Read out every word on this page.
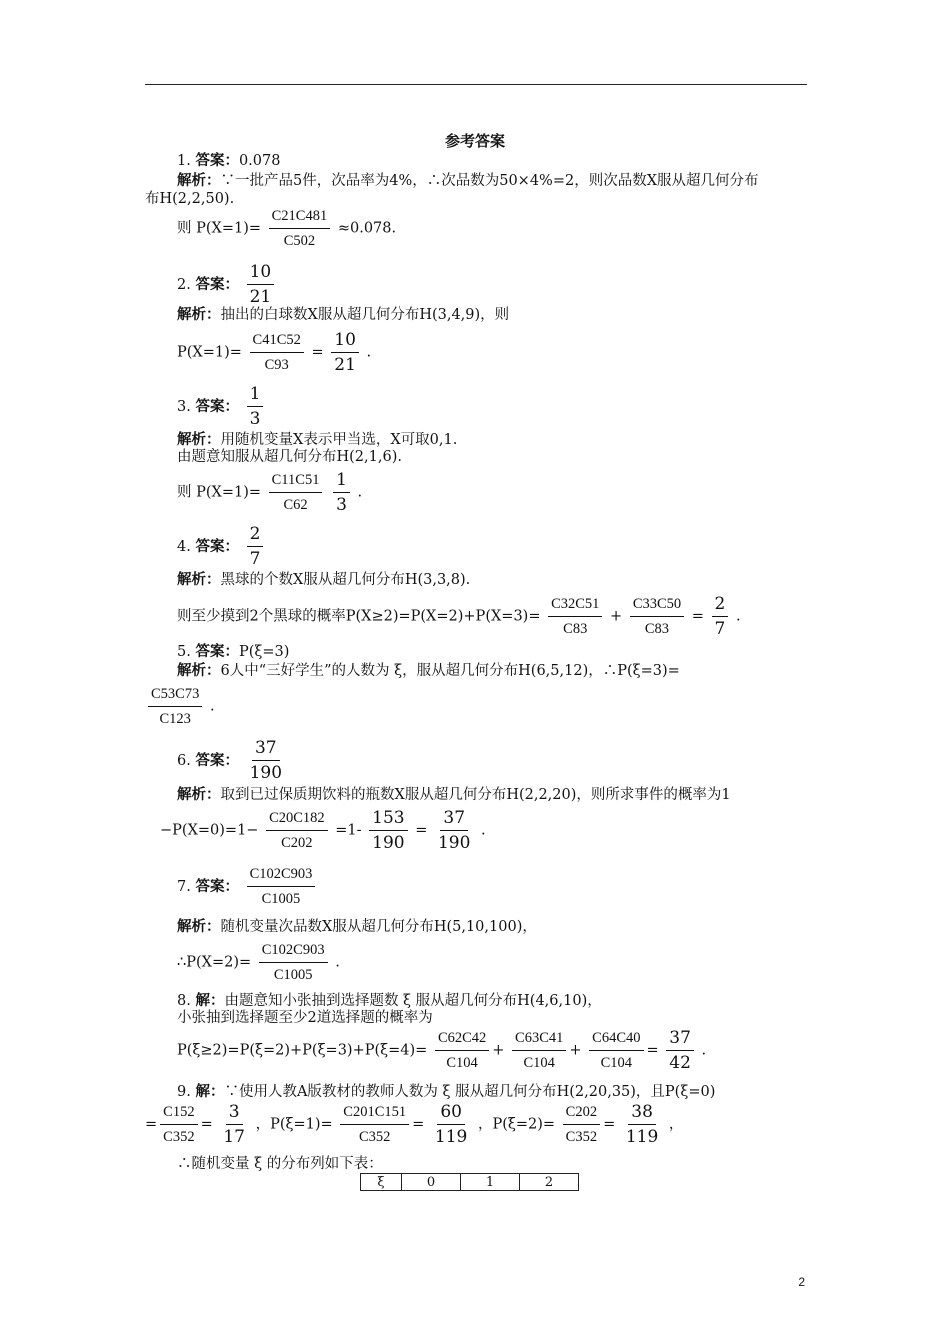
参考答案
1. 答案：0.078
解析：∵一批产品5件，次品率为4%，∴次品数为50×4%=2，则次品数X服从超几何分布
布H(2,2,50).
则 $P(X=1)= \frac{C21C481}{C502} \approx 0.078$.
2. 答案： $\frac{10}{21}$
解析：抽出的白球数X服从超几何分布H(3,4,9)，则
$P(X=1)= \frac{C41C52}{C93} = \frac{10}{21}$ .
3. 答案： $\frac{1}{3}$
解析：用随机变量X表示甲当选，X可取0,1.
由题意知服从超几何分布H(2,1,6).
则 $P(X=1)= \frac{C11C51}{C62}$
$\frac{1}{3}$ .
4. 答案： $\frac{2}{7}$
解析：黑球的个数X服从超几何分布H(3,3,8).
则至少摸到2个黑球的概率$P(X\ge 2)=P(X=2)+P(X=3)= \frac{C32C51}{C83} + \frac{C33C50}{C83} = \frac{2}{7}$ .
5. 答案：P(ξ=3)
解析：6人中“三好学生”的人数为 ξ，服从超几何分布H(6,5,12)，∴P(ξ=3)=
$\frac{C53C73}{C123}$ .
6. 答案： $\frac{37}{190}$
解析：取到已过保质期饮料的瓶数X服从超几何分布H(2,2,20)，则所求事件的概率为1
$-P(X=0)=1- \frac{C20C182}{C202} =1- \frac{153}{190} = \frac{37}{190}$ .
7. 答案： $\frac{C102C903}{C1005}$
解析：随机变量次品数X服从超几何分布H(5,10,100)，
∴P(X=2)= $\frac{C102C903}{C1005}$ .
8. 解：由题意知小张抽到选择题数 ξ 服从超几何分布H(4,6,10)，
小张抽到选择题至少2道选择题的概率为
$P(\xi\ge 2)=P(\xi=2)+P(\xi=3)+P(\xi=4)= \frac{C62C42}{C104} + \frac{C63C41}{C104} + \frac{C64C40}{C104} = \frac{37}{42}$ .
9. 解：∵使用人教A版教材的教师人数为 ξ 服从超几何分布H(2,20,35)，且P(ξ=0)
= $\frac{C152}{C352} = \frac{3}{17}$ ，$P(\xi=1)= \frac{C201C151}{C352} = \frac{60}{119}$ ，$P(\xi=2)= \frac{C202}{C352} = \frac{38}{119}$ ，
∴随机变量 ξ 的分布列如下表：
ξ	0	1	2
2
